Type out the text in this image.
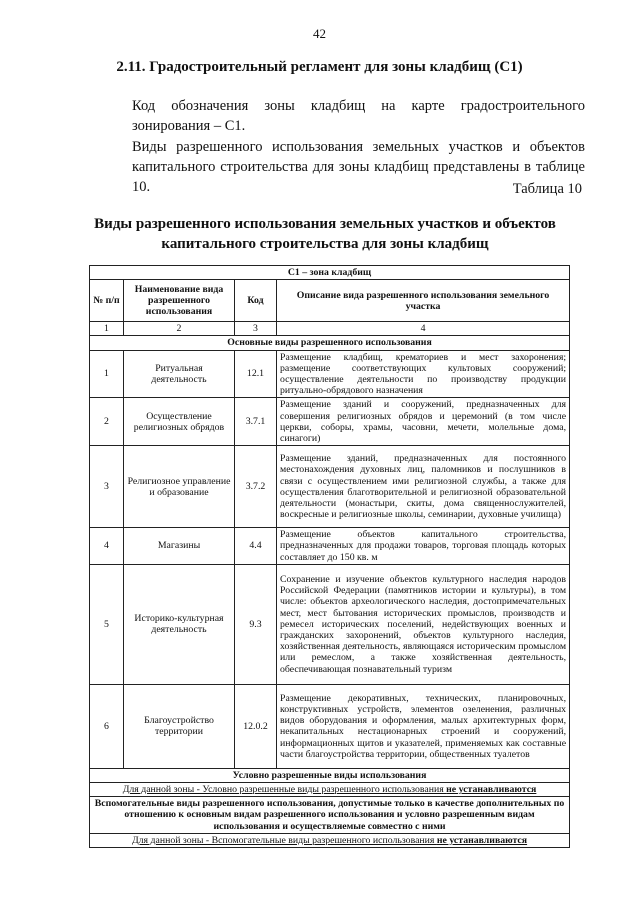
42
2.11. Градостроительный регламент для зоны кладбищ (С1)
Код обозначения зоны кладбищ на карте градостроительного зонирования – С1.
Виды разрешенного использования земельных участков и объектов капитального строительства для зоны кладбищ представлены в таблице 10.	Таблица 10
Виды разрешенного использования земельных участков и объектов капитального строительства для зоны кладбищ
С1 – зона кладбищ			
№ п/п	Наименование вида разрешенного использования	Код	Описание вида разрешенного использования земельного участка
1	2	3	4
Основные виды разрешенного использования			
1	Ритуальная деятельность	12.1	Размещение кладбищ, крематориев и мест захоронения; размещение соответствующих культовых сооружений; осуществление деятельности по производству продукции ритуально-обрядового назначения
2	Осуществление религиозных обрядов	3.7.1	Размещение зданий и сооружений, предназначенных для совершения религиозных обрядов и церемоний (в том числе церкви, соборы, храмы, часовни, мечети, молельные дома, синагоги)
3	Религиозное управление и образование	3.7.2	Размещение зданий, предназначенных для постоянного местонахождения духовных лиц, паломников и послушников в связи с осуществлением ими религиозной службы, а также для осуществления благотворительной и религиозной образовательной деятельности (монастыри, скиты, дома священнослужителей, воскресные и религиозные школы, семинарии, духовные училища)
4	Магазины	4.4	Размещение объектов капитального строительства, предназначенных для продажи товаров, торговая площадь которых составляет до 150 кв. м
5	Историко-культурная деятельность	9.3	Сохранение и изучение объектов культурного наследия народов Российской Федерации (памятников истории и культуры), в том числе: объектов археологического наследия, достопримечательных мест, мест бытования исторических промыслов, производств и ремесел исторических поселений, недействующих военных и гражданских захоронений, объектов культурного наследия, хозяйственная деятельность, являющаяся историческим промыслом или ремеслом, а также хозяйственная деятельность, обеспечивающая познавательный туризм
6	Благоустройство территории	12.0.2	Размещение декоративных, технических, планировочных, конструктивных устройств, элементов озеленения, различных видов оборудования и оформления, малых архитектурных форм, некапитальных нестационарных строений и сооружений, информационных щитов и указателей, применяемых как составные части благоустройства территории, общественных туалетов
Условно разрешенные виды использования			
Для данной зоны - Условно разрешенные виды разрешенного использования не устанавливаются			
Вспомогательные виды разрешенного использования, допустимые только в качестве дополнительных по отношению к основным видам разрешенного использования и условно разрешенным видам использования и осуществляемые совместно с ними			
Для данной зоны - Вспомогательные виды разрешенного использования не устанавливаются			
